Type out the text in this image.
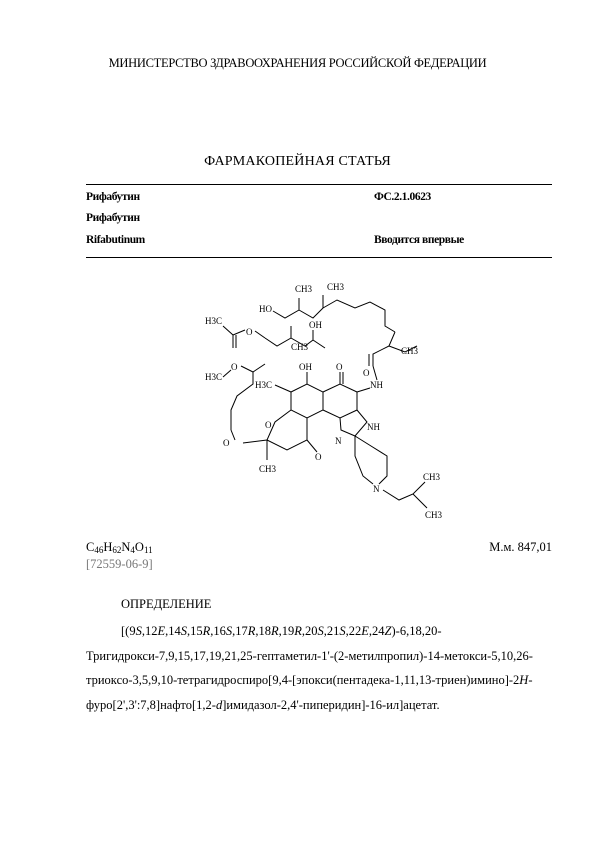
МИНИСТЕРСТВО ЗДРАВООХРАНЕНИЯ РОССИЙСКОЙ ФЕДЕРАЦИИ
ФАРМАКОПЕЙНАЯ СТАТЬЯ
Рифабутин	ФС.2.1.0623
Рифабутин
Rifabutinum	Вводится впервые
H3C
O
HO
CH3 CH3
OH
CH3
O
CH3
NH
O
OH
H3C
H3C
O
O
O
O
CH3
NH
N
N
CH3
CH3
$C_{46}H_{62}N_4O_{11}$	М.м. 847,01
[72559-06-9]
ОПРЕДЕЛЕНИЕ
[(9S,12E,14S,15R,16S,17R,18R,19R,20S,21S,22E,24Z)-6,18,20-Тригидрокси-7,9,15,17,19,21,25-гептаметил-1'-(2-метилпропил)-14-метокси-5,10,26-триоксо-3,5,9,10-тетрагидроспиро[9,4-[эпокси(пентадека-1,11,13-триен)имино]-2H-фуро[2',3':7,8]нафто[1,2-d]имидазол-2,4'-пиперидин]-16-ил]ацетат.
